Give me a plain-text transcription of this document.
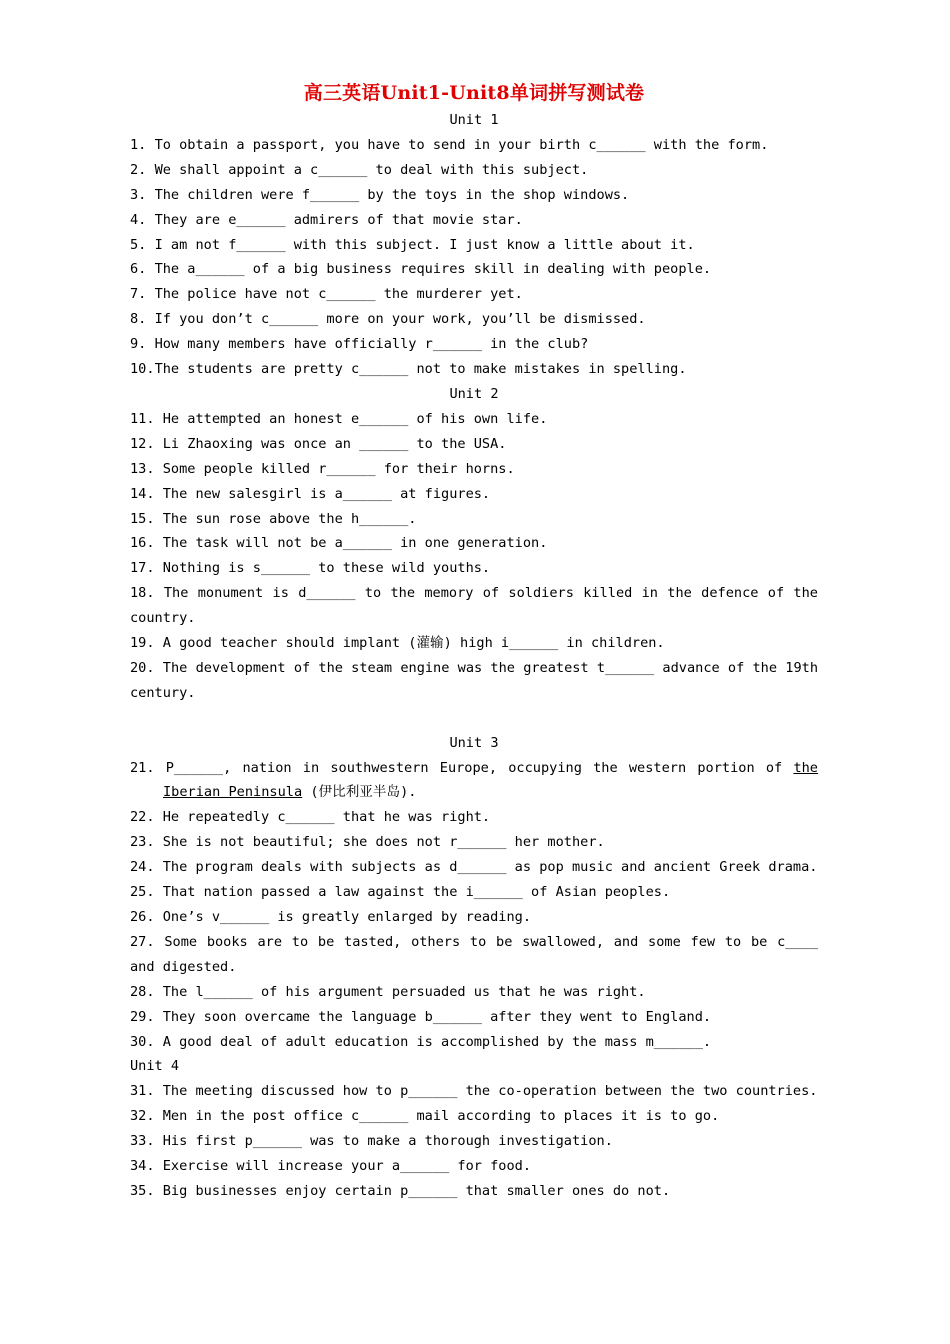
高三英语Unit1-Unit8单词拼写测试卷
Unit 1
1. To obtain a passport, you have to send in your birth c______ with the form.
2. We shall appoint a c______ to deal with this subject.
3. The children were f______ by the toys in the shop windows.
4. They are e______ admirers of that movie star.
5. I am not f______ with this subject. I just know a little about it.
6. The a______ of a big business requires skill in dealing with people.
7. The police have not c______ the murderer yet.
8. If you don’t c______ more on your work, you’ll be dismissed.
9. How many members have officially r______ in the club?
10.The students are pretty c______ not to make mistakes in spelling.
Unit 2
11. He attempted an honest e______ of his own life.
12. Li Zhaoxing was once an ______ to the USA.
13. Some people killed r______ for their horns.
14. The new salesgirl is a______ at figures.
15. The sun rose above the h______.
16. The task will not be a______ in one generation.
17. Nothing is s______ to these wild youths.
18. The monument is d______ to the memory of soldiers killed in the defence of the country.
19. A good teacher should implant (灌输) high i______ in children.
20. The development of the steam engine was the greatest t______ advance of the 19th century.
Unit 3
21. P______, nation in southwestern Europe, occupying the western portion of the Iberian Peninsula (伊比利亚半岛).
22. He repeatedly c______ that he was right.
23. She is not beautiful; she does not r______ her mother.
24. The program deals with subjects as d______ as pop music and ancient Greek drama.
25. That nation passed a law against the i______ of Asian peoples.
26. One’s v______ is greatly enlarged by reading.
27. Some books are to be tasted, others to be swallowed, and some few to be c____ and digested.
28. The l______ of his argument persuaded us that he was right.
29. They soon overcame the language b______ after they went to England.
30. A good deal of adult education is accomplished by the mass m______.
Unit 4
31. The meeting discussed how to p______ the co-operation between the two countries.
32. Men in the post office c______ mail according to places it is to go.
33. His first p______ was to make a thorough investigation.
34. Exercise will increase your a______ for food.
35. Big businesses enjoy certain p______ that smaller ones do not.
